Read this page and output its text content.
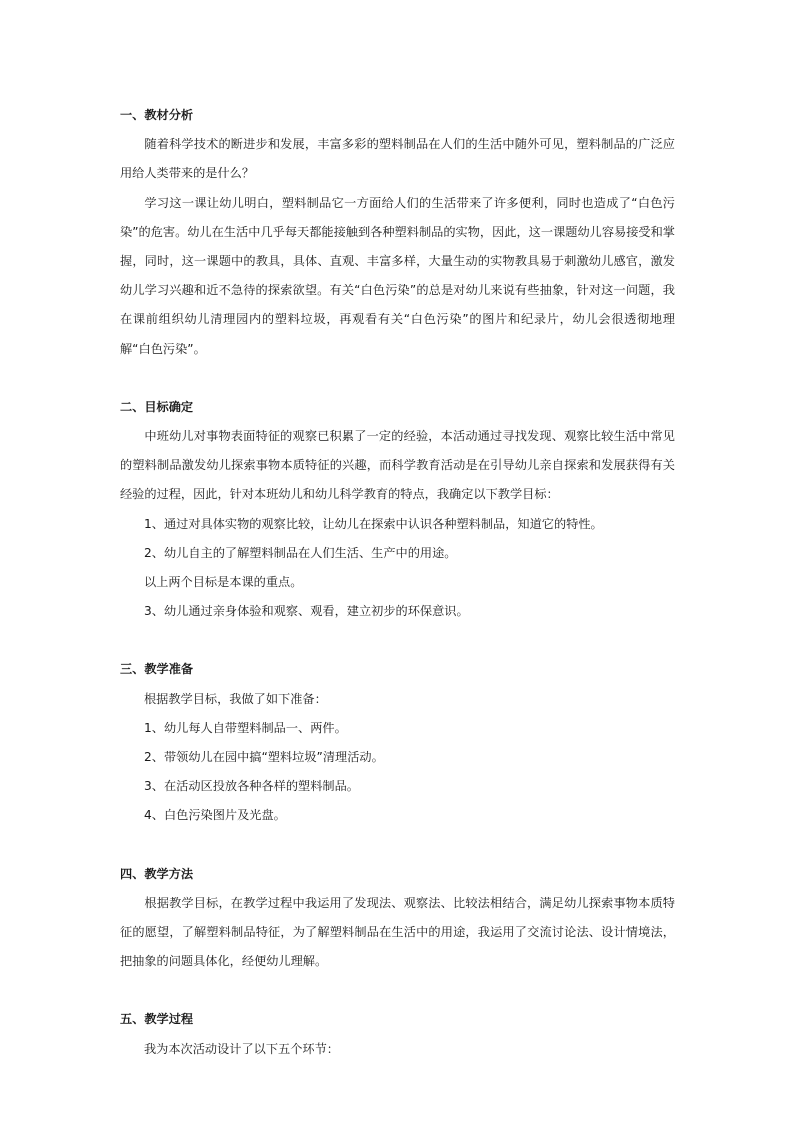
一、教材分析

随着科学技术的断进步和发展，丰富多彩的塑料制品在人们的生活中随外可见，塑料制品的广泛应用给人类带来的是什么？

学习这一课让幼儿明白，塑料制品它一方面给人们的生活带来了许多便利，同时也造成了“白色污染”的危害。幼儿在生活中几乎每天都能接触到各种塑料制品的实物，因此，这一课题幼儿容易接受和掌握，同时，这一课题中的教具，具体、直观、丰富多样，大量生动的实物教具易于刺激幼儿感官，激发幼儿学习兴趣和近不急待的探索欲望。有关“白色污染”的总是对幼儿来说有些抽象，针对这一问题，我在课前组织幼儿清理园内的塑料垃圾，再观看有关“白色污染”的图片和纪录片，幼儿会很透彻地理解“白色污染”。

二、目标确定

中班幼儿对事物表面特征的观察已积累了一定的经验，本活动通过寻找发现、观察比较生活中常见的塑料制品激发幼儿探索事物本质特征的兴趣，而科学教育活动是在引导幼儿亲自探索和发展获得有关经验的过程，因此，针对本班幼儿和幼儿科学教育的特点，我确定以下教学目标：

1、通过对具体实物的观察比较，让幼儿在探索中认识各种塑料制品，知道它的特性。

2、幼儿自主的了解塑料制品在人们生活、生产中的用途。

以上两个目标是本课的重点。

3、幼儿通过亲身体验和观察、观看，建立初步的环保意识。

三、教学准备

根据教学目标，我做了如下准备：

1、幼儿每人自带塑料制品一、两件。

2、带领幼儿在园中搞“塑料垃圾”清理活动。

3、在活动区投放各种各样的塑料制品。

4、白色污染图片及光盘。

四、教学方法

根据教学目标，在教学过程中我运用了发现法、观察法、比较法相结合，满足幼儿探索事物本质特征的愿望，了解塑料制品特征，为了解塑料制品在生活中的用途，我运用了交流讨论法、设计情境法，把抽象的问题具体化，经便幼儿理解。

五、教学过程

我为本次活动设计了以下五个环节：
